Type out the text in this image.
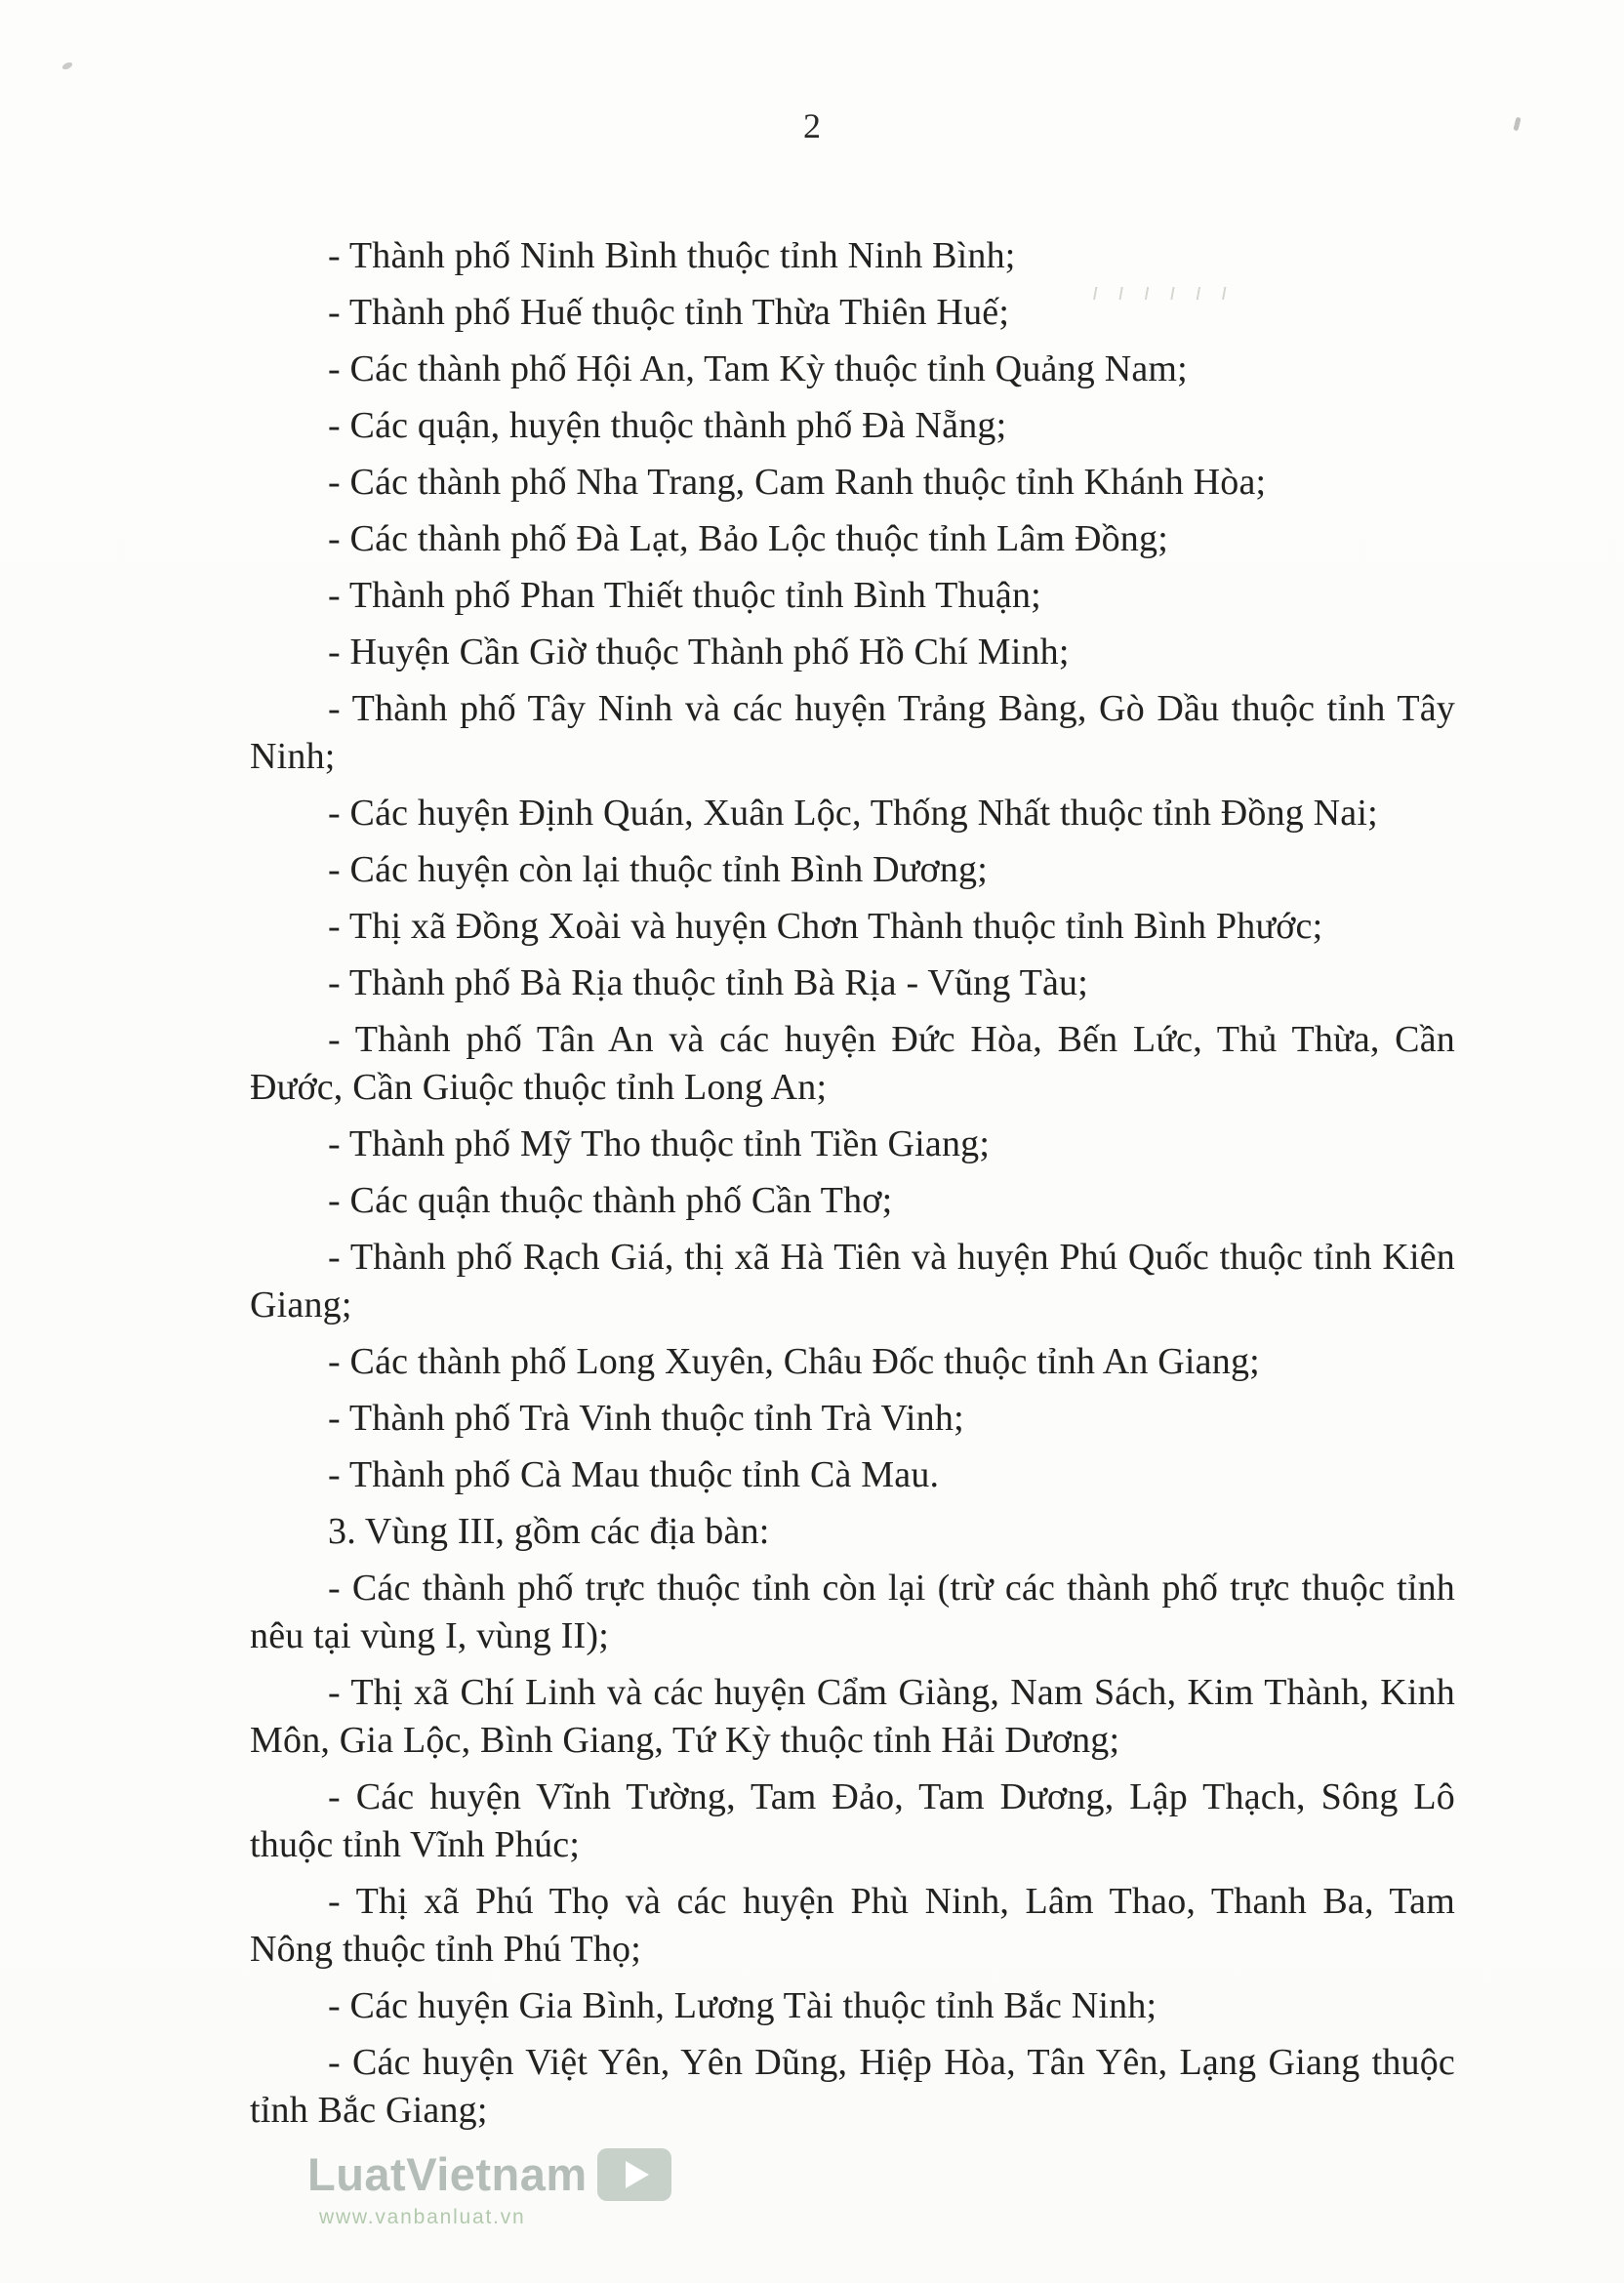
2

- Thành phố Ninh Bình thuộc tỉnh Ninh Bình;

- Thành phố Huế thuộc tỉnh Thừa Thiên Huế;

- Các thành phố Hội An, Tam Kỳ thuộc tỉnh Quảng Nam;

- Các quận, huyện thuộc thành phố Đà Nẵng;

- Các thành phố Nha Trang, Cam Ranh thuộc tỉnh Khánh Hòa;

- Các thành phố Đà Lạt, Bảo Lộc thuộc tỉnh Lâm Đồng;

- Thành phố Phan Thiết thuộc tỉnh Bình Thuận;

- Huyện Cần Giờ thuộc Thành phố Hồ Chí Minh;

- Thành phố Tây Ninh và các huyện Trảng Bàng, Gò Dầu thuộc tỉnh Tây Ninh;

- Các huyện Định Quán, Xuân Lộc, Thống Nhất thuộc tỉnh Đồng Nai;

- Các huyện còn lại thuộc tỉnh Bình Dương;

- Thị xã Đồng Xoài và huyện Chơn Thành thuộc tỉnh Bình Phước;

- Thành phố Bà Rịa thuộc tỉnh Bà Rịa - Vũng Tàu;

- Thành phố Tân An và các huyện Đức Hòa, Bến Lức, Thủ Thừa, Cần Đước, Cần Giuộc thuộc tỉnh Long An;

- Thành phố Mỹ Tho thuộc tỉnh Tiền Giang;

- Các quận thuộc thành phố Cần Thơ;

- Thành phố Rạch Giá, thị xã Hà Tiên và huyện Phú Quốc thuộc tỉnh Kiên Giang;

- Các thành phố Long Xuyên, Châu Đốc thuộc tỉnh An Giang;

- Thành phố Trà Vinh thuộc tỉnh Trà Vinh;

- Thành phố Cà Mau thuộc tỉnh Cà Mau.

3. Vùng III, gồm các địa bàn:

- Các thành phố trực thuộc tỉnh còn lại (trừ các thành phố trực thuộc tỉnh nêu tại vùng I, vùng II);

- Thị xã Chí Linh và các huyện Cẩm Giàng, Nam Sách, Kim Thành, Kinh Môn, Gia Lộc, Bình Giang, Tứ Kỳ thuộc tỉnh Hải Dương;

- Các huyện Vĩnh Tường, Tam Đảo, Tam Dương, Lập Thạch, Sông Lô thuộc tỉnh Vĩnh Phúc;

- Thị xã Phú Thọ và các huyện Phù Ninh, Lâm Thao, Thanh Ba, Tam Nông thuộc tỉnh Phú Thọ;

- Các huyện Gia Bình, Lương Tài thuộc tỉnh Bắc Ninh;

- Các huyện Việt Yên, Yên Dũng, Hiệp Hòa, Tân Yên, Lạng Giang thuộc tỉnh Bắc Giang;

LuatVietnam
www.vanbanluat.vn
